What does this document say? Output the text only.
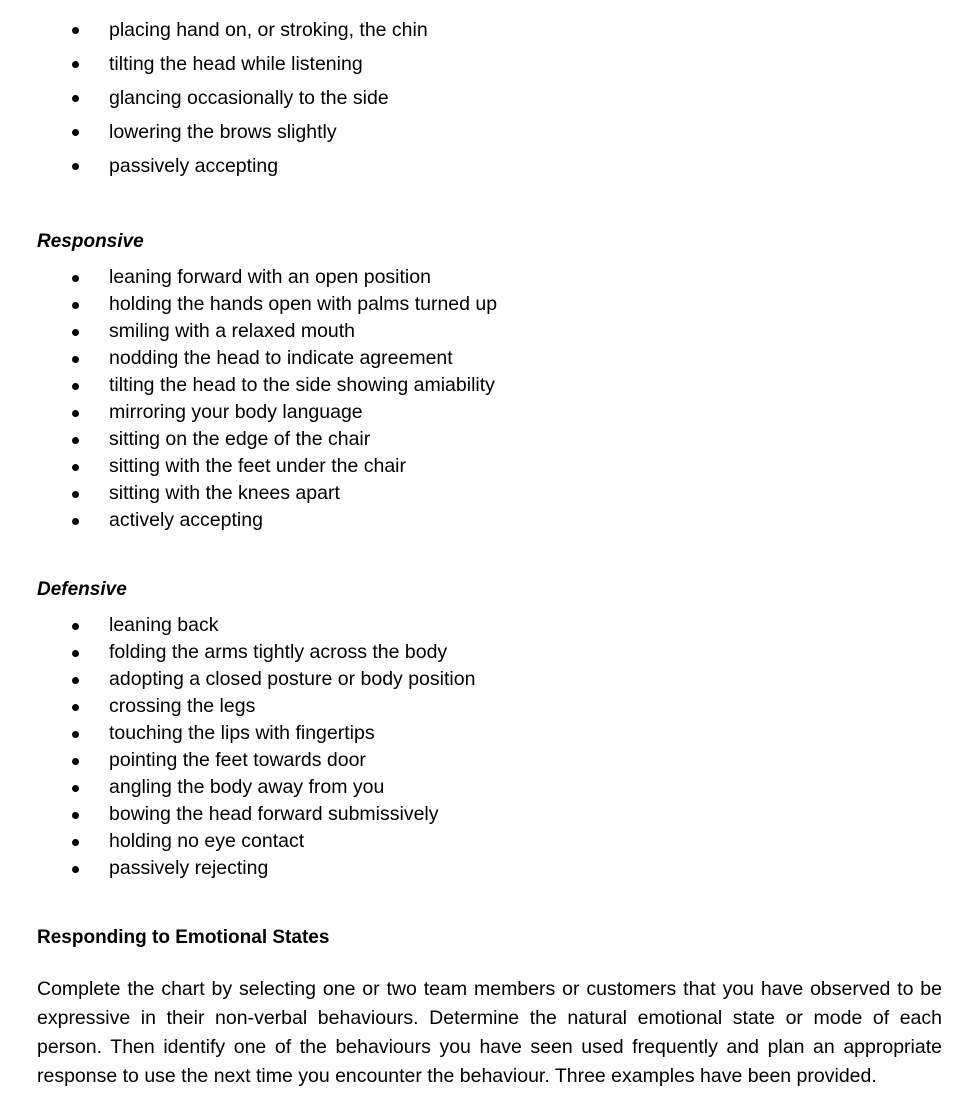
placing hand on, or stroking, the chin
tilting the head while listening
glancing occasionally to the side
lowering the brows slightly
passively accepting
Responsive
leaning forward with an open position
holding the hands open with palms turned up
smiling with a relaxed mouth
nodding the head to indicate agreement
tilting the head to the side showing amiability
mirroring your body language
sitting on the edge of the chair
sitting with the feet under the chair
sitting with the knees apart
actively accepting
Defensive
leaning back
folding the arms tightly across the body
adopting a closed posture or body position
crossing the legs
touching the lips with fingertips
pointing the feet towards door
angling the body away from you
bowing the head forward submissively
holding no eye contact
passively rejecting
Responding to Emotional States

Complete the chart by selecting one or two team members or customers that you have observed to be expressive in their non-verbal behaviours. Determine the natural emotional state or mode of each person. Then identify one of the behaviours you have seen used frequently and plan an appropriate response to use the next time you encounter the behaviour. Three examples have been provided.
